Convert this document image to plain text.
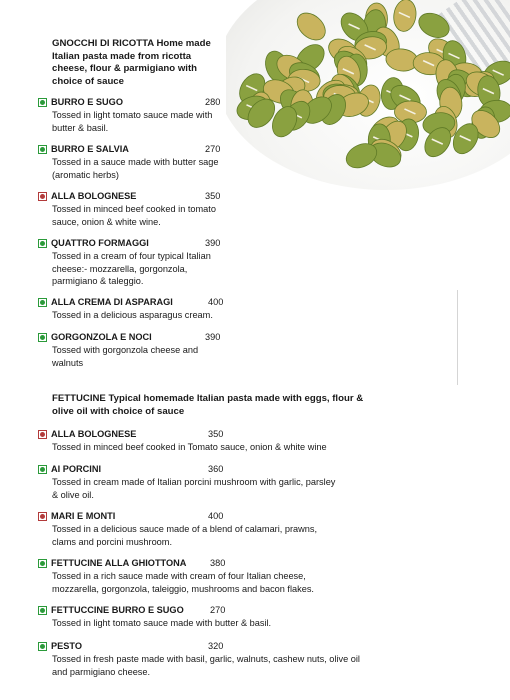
GNOCCHI DI RICOTTA Home made Italian pasta made from ricotta cheese, flour & parmigiano with choice of sauce
BURRO E SUGO	280
Tossed in light tomato sauce made with butter & basil.
BURRO E SALVIA	270
Tossed in a sauce made with butter sage (aromatic herbs)
ALLA BOLOGNESE	350
Tossed in minced beef cooked in tomato sauce, onion & white wine.
QUATTRO FORMAGGI	390
Tossed in a cream of four typical Italian cheese:- mozzarella, gorgonzola, parmigiano & taleggio.
ALLA CREMA DI ASPARAGI	400
Tossed in a delicious asparagus cream.
GORGONZOLA E NOCI	390
Tossed with gorgonzola cheese and walnuts
FETTUCINE Typical homemade Italian pasta made with eggs, flour & olive oil with choice of sauce
ALLA BOLOGNESE	350
Tossed in minced beef cooked in Tomato sauce, onion & white wine
AI PORCINI	360
Tossed in cream made of Italian porcini mushroom with garlic, parsley & olive oil.
MARI E MONTI	400
Tossed in a delicious sauce made of a blend of calamari, prawns, clams and porcini mushroom.
FETTUCINE ALLA GHIOTTONA	380
Tossed in a rich sauce made with cream of four Italian cheese, mozzarella, gorgonzola, taleiggio, mushrooms and bacon flakes.
FETTUCCINE BURRO E SUGO	270
Tossed in light tomato sauce made with butter & basil.
PESTO	320
Tossed in fresh paste made with basil, garlic, walnuts, cashew nuts, olive oil and parmigiano cheese.
